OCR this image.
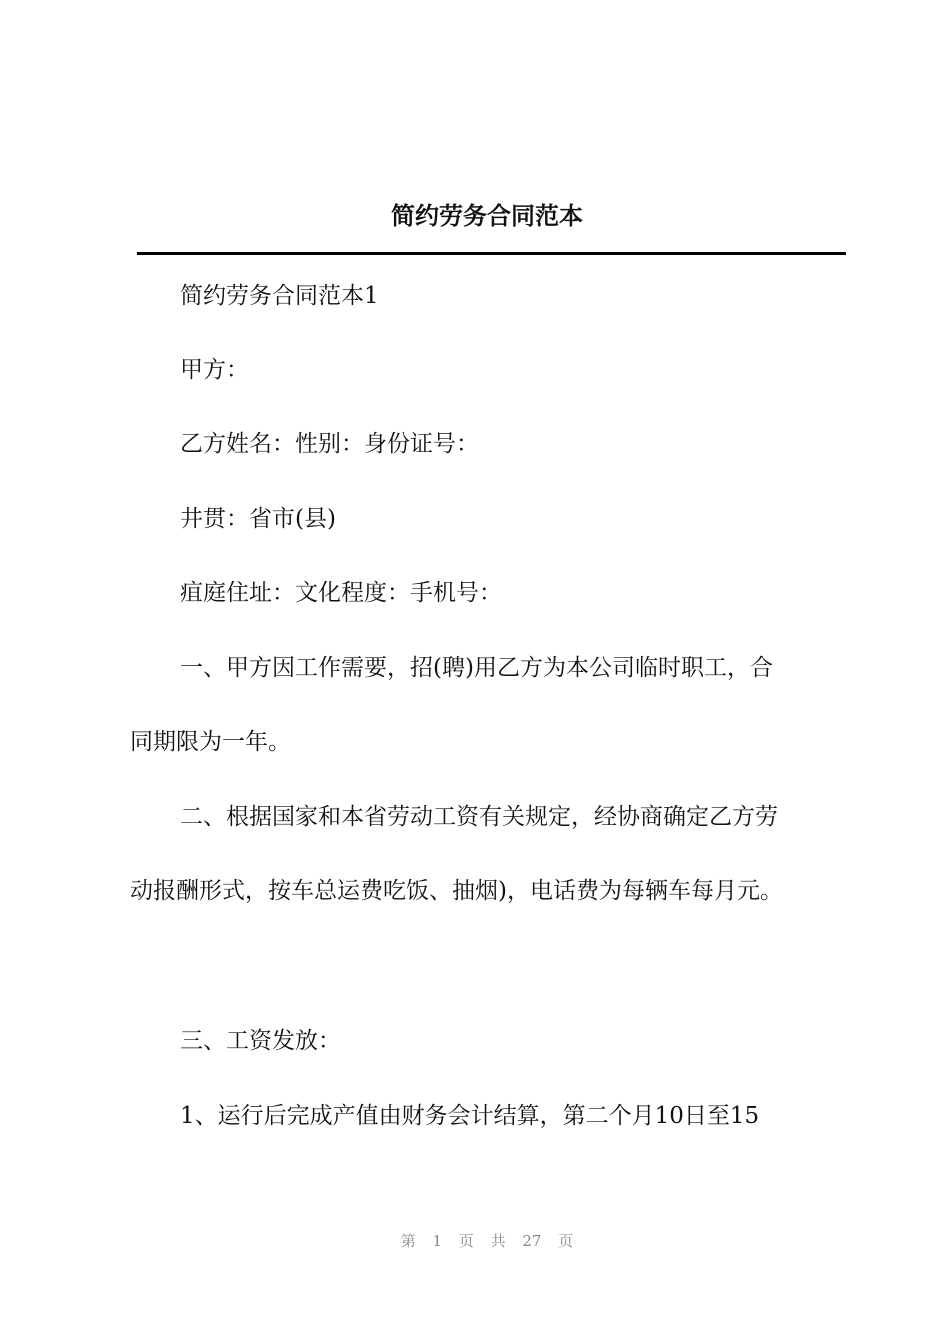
简约劳务合同范本
简约劳务合同范本1
甲方：
乙方姓名：性别：身份证号：
井贯：省市(县)
疽庭住址：文化程度：手机号：
一、甲方因工作需要，招(聘)用乙方为本公司临时职工，合
同期限为一年。
二、根据国家和本省劳动工资有关规定，经协商确定乙方劳
动报酬形式，按车总运费吃饭、抽烟)，电话费为每辆车每月元。
三、工资发放：
1、运行后完成产值由财务会计结算，第二个月10日至15
第 1 页 共 27 页
